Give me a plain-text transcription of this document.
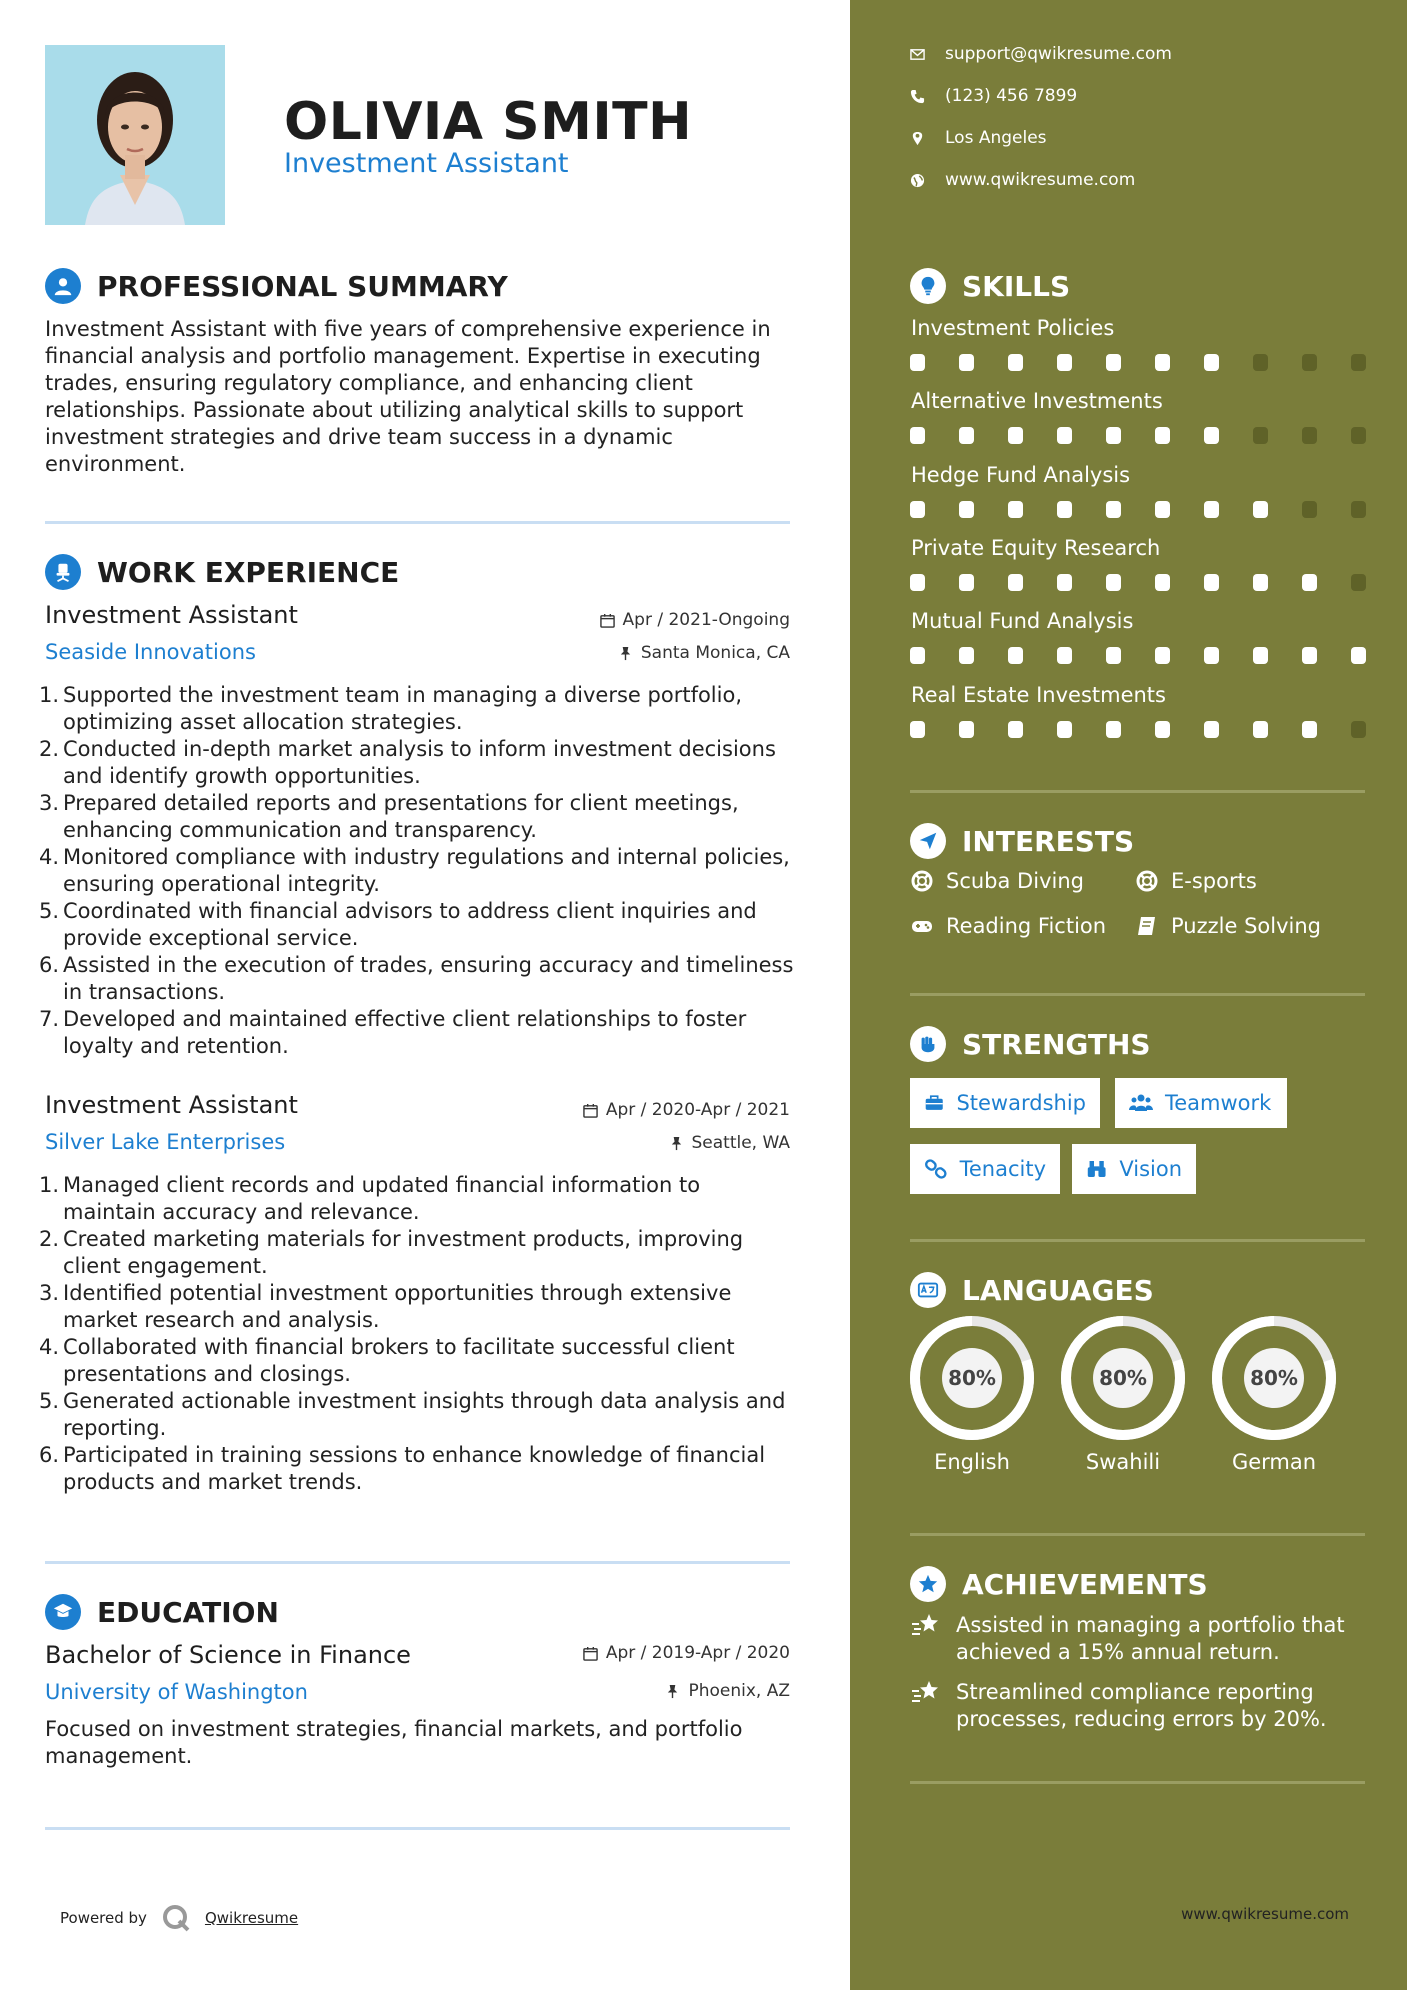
OLIVIA SMITH
Investment Assistant
PROFESSIONAL SUMMARY
Investment Assistant with five years of comprehensive experience in financial analysis and portfolio management. Expertise in executing trades, ensuring regulatory compliance, and enhancing client relationships. Passionate about utilizing analytical skills to support investment strategies and drive team success in a dynamic environment.
WORK EXPERIENCE
Investment Assistant	Apr / 2021-Ongoing
Seaside Innovations	Santa Monica, CA
Supported the investment team in managing a diverse portfolio, optimizing asset allocation strategies.
Conducted in-depth market analysis to inform investment decisions and identify growth opportunities.
Prepared detailed reports and presentations for client meetings, enhancing communication and transparency.
Monitored compliance with industry regulations and internal policies, ensuring operational integrity.
Coordinated with financial advisors to address client inquiries and provide exceptional service.
Assisted in the execution of trades, ensuring accuracy and timeliness in transactions.
Developed and maintained effective client relationships to foster loyalty and retention.
Investment Assistant	Apr / 2020-Apr / 2021
Silver Lake Enterprises	Seattle, WA
Managed client records and updated financial information to maintain accuracy and relevance.
Created marketing materials for investment products, improving client engagement.
Identified potential investment opportunities through extensive market research and analysis.
Collaborated with financial brokers to facilitate successful client presentations and closings.
Generated actionable investment insights through data analysis and reporting.
Participated in training sessions to enhance knowledge of financial products and market trends.
EDUCATION
Bachelor of Science in Finance	Apr / 2019-Apr / 2020
University of Washington	Phoenix, AZ
Focused on investment strategies, financial markets, and portfolio management.
Powered by	Qwikresume
support@qwikresume.com
(123) 456 7899
Los Angeles
www.qwikresume.com
SKILLS
Investment Policies
Alternative Investments
Hedge Fund Analysis
Private Equity Research
Mutual Fund Analysis
Real Estate Investments
INTERESTS
Scuba Diving	E-sports
Reading Fiction	Puzzle Solving
STRENGTHS
Stewardship	Teamwork
Tenacity	Vision
LANGUAGES
80%
English
80%
Swahili
80%
German
ACHIEVEMENTS
Assisted in managing a portfolio that achieved a 15% annual return.
Streamlined compliance reporting processes, reducing errors by 20%.
www.qwikresume.com
